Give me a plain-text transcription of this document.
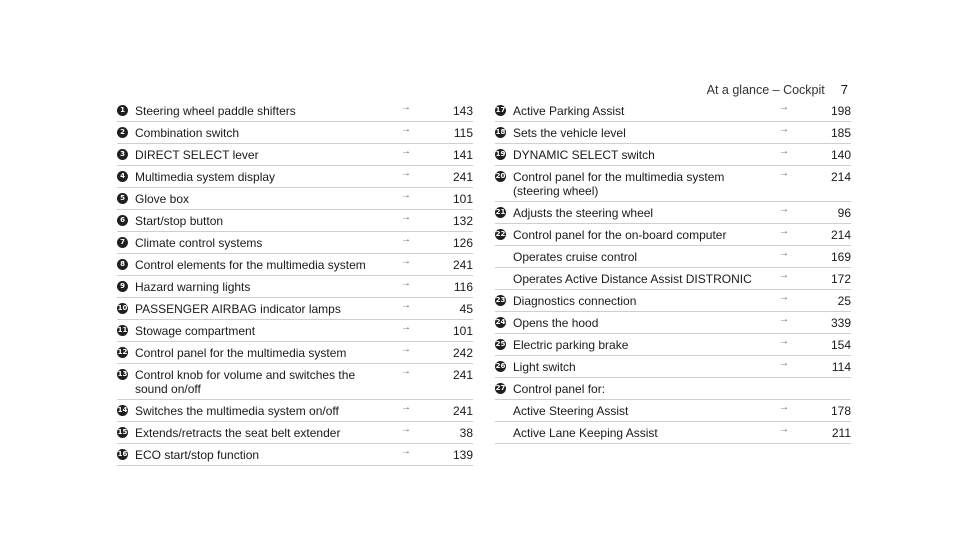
At a glance – Cockpit 7
1 Steering wheel paddle shifters	→	143
2 Combination switch	→	115
3 DIRECT SELECT lever	→	141
4 Multimedia system display	→	241
5 Glove box	→	101
6 Start/stop button	→	132
7 Climate control systems	→	126
8 Control elements for the multimedia system	→	241
9 Hazard warning lights	→	116
10 PASSENGER AIRBAG indicator lamps	→	45
11 Stowage compartment	→	101
12 Control panel for the multimedia system	→	242
13 Control knob for volume and switches the
sound on/off
→	241
14 Switches the multimedia system on/off	→	241
15 Extends/retracts the seat belt extender	→	38
16 ECO start/stop function	→	139
17 Active Parking Assist	→	198
18 Sets the vehicle level	→	185
19 DYNAMIC SELECT switch	→	140
20 Control panel for the multimedia system
(steering wheel)
→	214
21 Adjusts the steering wheel	→	96
22 Control panel for the on-board computer	→	214
Operates cruise control	→	169
Operates Active Distance Assist DISTRONIC	→	172
23 Diagnostics connection	→	25
24 Opens the hood	→	339
25 Electric parking brake	→	154
26 Light switch	→	114
27 Control panel for:
Active Steering Assist	→	178
Active Lane Keeping Assist	→	211
